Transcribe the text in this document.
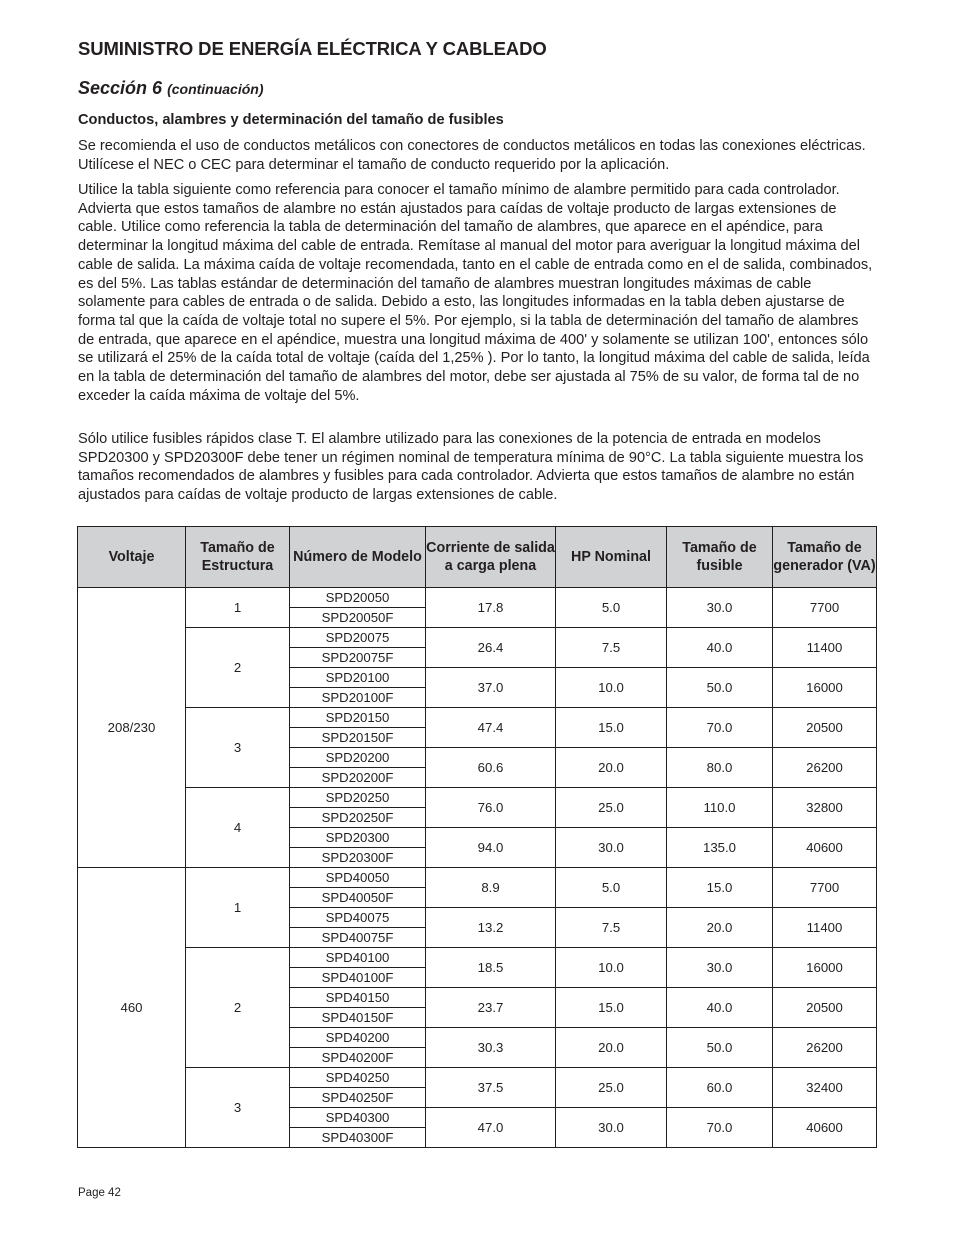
SUMINISTRO DE ENERGÍA ELÉCTRICA Y CABLEADO
Sección 6 (continuación)
Conductos, alambres y determinación del tamaño de fusibles

Se recomienda el uso de conductos metálicos con conectores de conductos metálicos en todas las conexiones eléctricas. Utilícese el NEC o CEC para determinar el tamaño de conducto requerido por la aplicación.

Utilice la tabla siguiente como referencia para conocer el tamaño mínimo de alambre permitido para cada controlador. Advierta que estos tamaños de alambre no están ajustados para caídas de voltaje producto de largas extensiones de cable. Utilice como referencia la tabla de determinación del tamaño de alambres, que aparece en el apéndice, para determinar la longitud máxima del cable de entrada. Remítase al manual del motor para averiguar la longitud máxima del cable de salida. La máxima caída de voltaje recomendada, tanto en el cable de entrada como en el de salida, combinados, es del 5%. Las tablas estándar de determinación del tamaño de alambres muestran longitudes máximas de cable solamente para cables de entrada o de salida. Debido a esto, las longitudes informadas en la tabla deben ajustarse de forma tal que la caída de voltaje total no supere el 5%. Por ejemplo, si la tabla de determinación del tamaño de alambres de entrada, que aparece en el apéndice, muestra una longitud máxima de 400' y solamente se utilizan 100', entonces sólo se utilizará el 25% de la caída total de voltaje (caída del 1,25% ). Por lo tanto, la longitud máxima del cable de salida, leída en la tabla de determinación del tamaño de alambres del motor, debe ser ajustada al 75% de su valor, de forma tal de no exceder la caída máxima de voltaje del 5%.

Sólo utilice fusibles rápidos clase T. El alambre utilizado para las conexiones de la potencia de entrada en modelos SPD20300 y SPD20300F debe tener un régimen nominal de temperatura mínima de 90°C. La tabla siguiente muestra los tamaños recomendados de alambres y fusibles para cada controlador. Advierta que estos tamaños de alambre no están ajustados para caídas de voltaje producto de largas extensiones de cable.

Voltaje	Tamaño de Estructura	Número de Modelo	Corriente de salida a carga plena	HP Nominal	Tamaño de fusible	Tamaño de generador (VA)
208/230	1	SPD20050	17.8	5.0	30.0	7700
		SPD20050F				
	2	SPD20075	26.4	7.5	40.0	11400
		SPD20075F				
		SPD20100	37.0	10.0	50.0	16000
		SPD20100F				
	3	SPD20150	47.4	15.0	70.0	20500
		SPD20150F				
		SPD20200	60.6	20.0	80.0	26200
		SPD20200F				
	4	SPD20250	76.0	25.0	110.0	32800
		SPD20250F				
		SPD20300	94.0	30.0	135.0	40600
		SPD20300F				
460	1	SPD40050	8.9	5.0	15.0	7700
		SPD40050F				
		SPD40075	13.2	7.5	20.0	11400
		SPD40075F				
	2	SPD40100	18.5	10.0	30.0	16000
		SPD40100F				
		SPD40150	23.7	15.0	40.0	20500
		SPD40150F				
		SPD40200	30.3	20.0	50.0	26200
		SPD40200F				
	3	SPD40250	37.5	25.0	60.0	32400
		SPD40250F				
		SPD40300	47.0	30.0	70.0	40600
		SPD40300F				
Page 42
